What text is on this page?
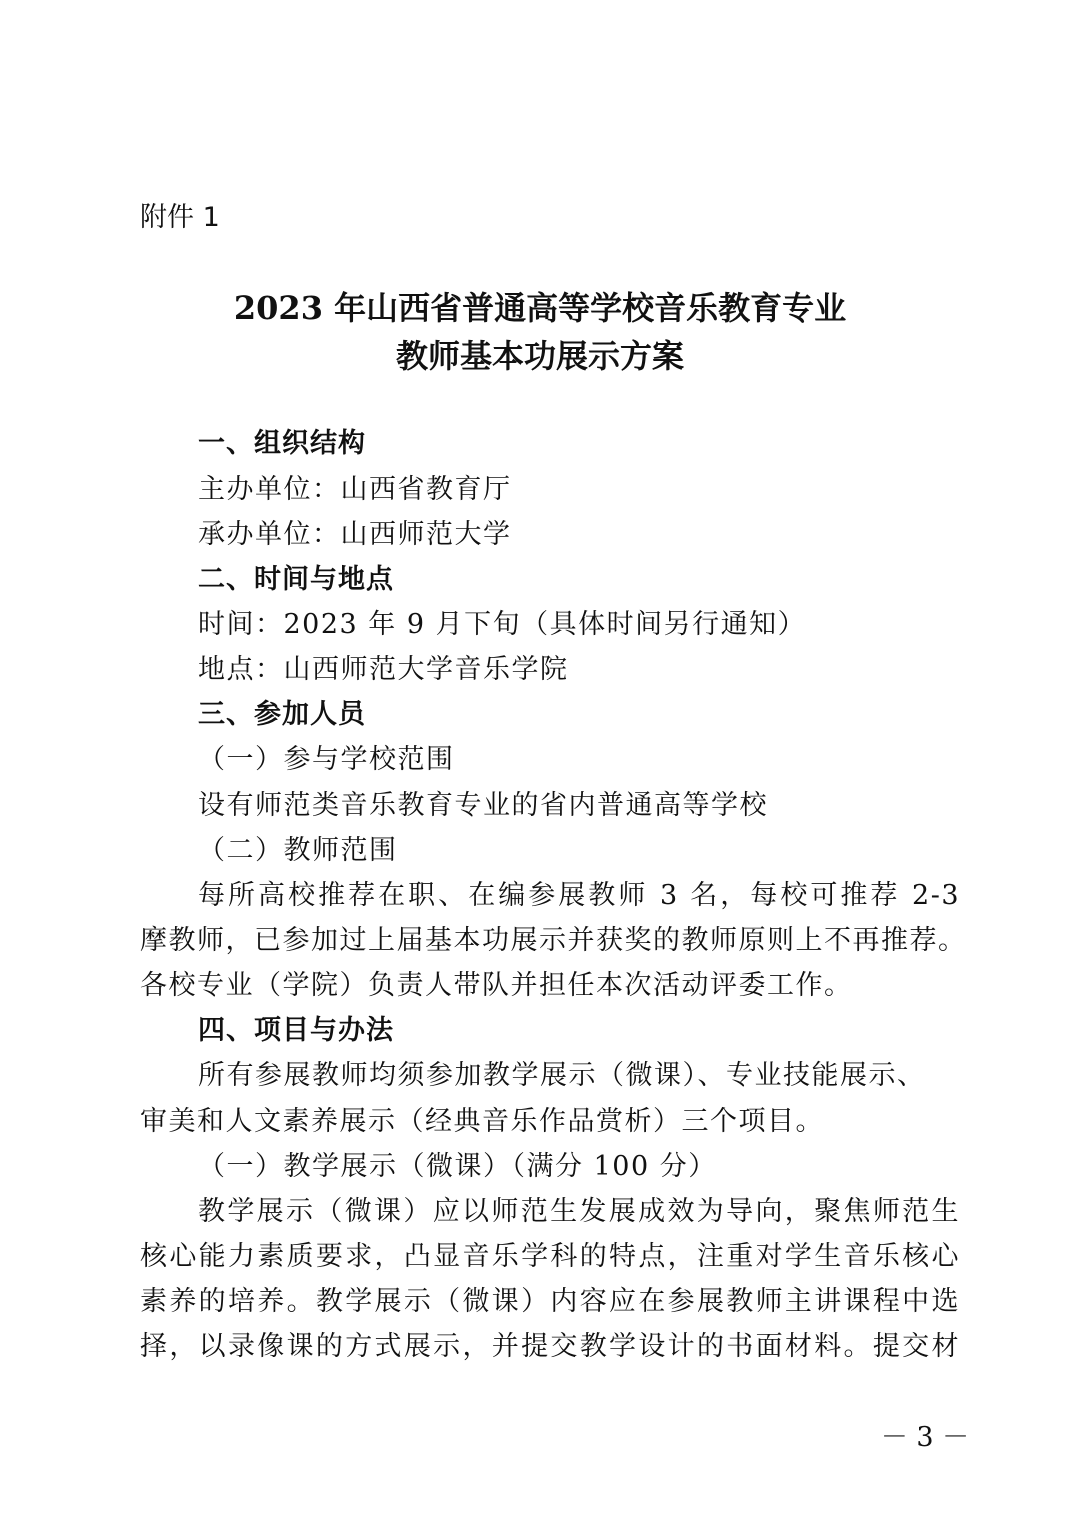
附件 1
2023 年山西省普通高等学校音乐教育专业
教师基本功展示方案
一、组织结构
主办单位：山西省教育厅
承办单位：山西师范大学
二、时间与地点
时间：2023 年 9 月下旬（具体时间另行通知）
地点：山西师范大学音乐学院
三、参加人员
（一）参与学校范围
设有师范类音乐教育专业的省内普通高等学校
（二）教师范围
每所高校推荐在职、在编参展教师 3 名，每校可推荐 2-3
摩教师，已参加过上届基本功展示并获奖的教师原则上不再推荐。
各校专业（学院）负责人带队并担任本次活动评委工作。
四、项目与办法
所有参展教师均须参加教学展示（微课）、专业技能展示、
审美和人文素养展示（经典音乐作品赏析）三个项目。
（一）教学展示（微课）（满分 100 分）
教学展示（微课）应以师范生发展成效为导向，聚焦师范生
核心能力素质要求，凸显音乐学科的特点，注重对学生音乐核心
素养的培养。教学展示（微课）内容应在参展教师主讲课程中选
择，以录像课的方式展示，并提交教学设计的书面材料。提交材
－ 3 －
